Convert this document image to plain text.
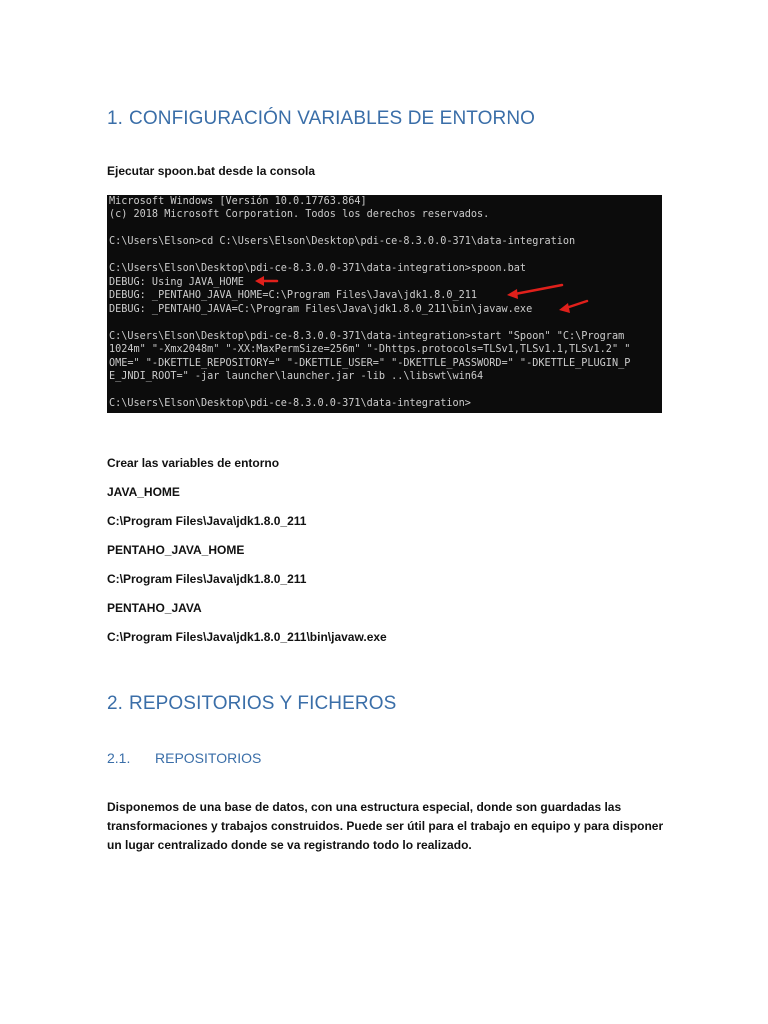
1. CONFIGURACIÓN VARIABLES DE ENTORNO
Ejecutar spoon.bat desde la consola
Microsoft Windows [Versión 10.0.17763.864]
(c) 2018 Microsoft Corporation. Todos los derechos reservados.
C:\Users\Elson>cd C:\Users\Elson\Desktop\pdi-ce-8.3.0.0-371\data-integration
C:\Users\Elson\Desktop\pdi-ce-8.3.0.0-371\data-integration>spoon.bat
DEBUG: Using JAVA_HOME
DEBUG: _PENTAHO_JAVA_HOME=C:\Program Files\Java\jdk1.8.0_211
DEBUG: _PENTAHO_JAVA=C:\Program Files\Java\jdk1.8.0_211\bin\javaw.exe
C:\Users\Elson\Desktop\pdi-ce-8.3.0.0-371\data-integration>start "Spoon" "C:\Program
1024m" "-Xmx2048m" "-XX:MaxPermSize=256m" "-Dhttps.protocols=TLSv1,TLSv1.1,TLSv1.2" "
OME=" "-DKETTLE_REPOSITORY=" "-DKETTLE_USER=" "-DKETTLE_PASSWORD=" "-DKETTLE_PLUGIN_P
E_JNDI_ROOT=" -jar launcher\launcher.jar -lib ..\libswt\win64
C:\Users\Elson\Desktop\pdi-ce-8.3.0.0-371\data-integration>
Crear las variables de entorno
JAVA_HOME
C:\Program Files\Java\jdk1.8.0_211
PENTAHO_JAVA_HOME
C:\Program Files\Java\jdk1.8.0_211
PENTAHO_JAVA
C:\Program Files\Java\jdk1.8.0_211\bin\javaw.exe
2. REPOSITORIOS Y FICHEROS
2.1. REPOSITORIOS
Disponemos de una base de datos, con una estructura especial, donde son guardadas las
transformaciones y trabajos construidos. Puede ser útil para el trabajo en equipo y para disponer
un lugar centralizado donde se va registrando todo lo realizado.
